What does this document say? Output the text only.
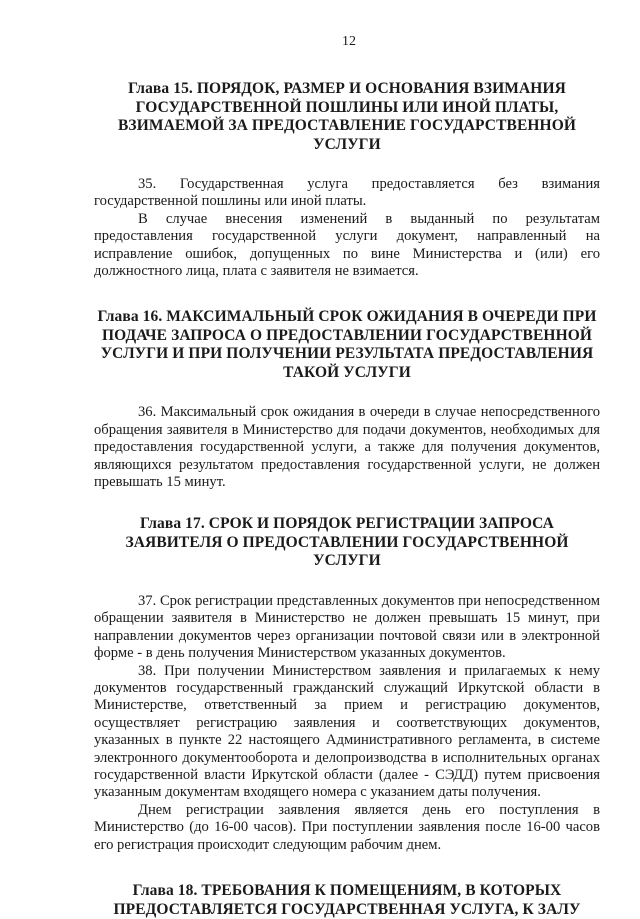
12
Глава 15. ПОРЯДОК, РАЗМЕР И ОСНОВАНИЯ ВЗИМАНИЯ ГОСУДАРСТВЕННОЙ ПОШЛИНЫ ИЛИ ИНОЙ ПЛАТЫ, ВЗИМАЕМОЙ ЗА ПРЕДОСТАВЛЕНИЕ ГОСУДАРСТВЕННОЙ УСЛУГИ

35. Государственная услуга предоставляется без взимания государственной пошлины или иной платы.

В случае внесения изменений в выданный по результатам предоставления государственной услуги документ, направленный на исправление ошибок, допущенных по вине Министерства и (или) его должностного лица, плата с заявителя не взимается.

Глава 16. МАКСИМАЛЬНЫЙ СРОК ОЖИДАНИЯ В ОЧЕРЕДИ ПРИ ПОДАЧЕ ЗАПРОСА О ПРЕДОСТАВЛЕНИИ ГОСУДАРСТВЕННОЙ УСЛУГИ И ПРИ ПОЛУЧЕНИИ РЕЗУЛЬТАТА ПРЕДОСТАВЛЕНИЯ ТАКОЙ УСЛУГИ

36. Максимальный срок ожидания в очереди в случае непосредственного обращения заявителя в Министерство для подачи документов, необходимых для предоставления государственной услуги, а также для получения документов, являющихся результатом предоставления государственной услуги, не должен превышать 15 минут.

Глава 17. СРОК И ПОРЯДОК РЕГИСТРАЦИИ ЗАПРОСА ЗАЯВИТЕЛЯ О ПРЕДОСТАВЛЕНИИ ГОСУДАРСТВЕННОЙ УСЛУГИ

37. Срок регистрации представленных документов при непосредственном обращении заявителя в Министерство не должен превышать 15 минут, при направлении документов через организации почтовой связи или в электронной форме - в день получения Министерством указанных документов.

38. При получении Министерством заявления и прилагаемых к нему документов государственный гражданский служащий Иркутской области в Министерстве, ответственный за прием и регистрацию документов, осуществляет регистрацию заявления и соответствующих документов, указанных в пункте 22 настоящего Административного регламента, в системе электронного документооборота и делопроизводства в исполнительных органах государственной власти Иркутской области (далее - СЭДД) путем присвоения указанным документам входящего номера с указанием даты получения.

Днем регистрации заявления является день его поступления в Министерство (до 16-00 часов). При поступлении заявления после 16-00 часов его регистрация происходит следующим рабочим днем.

Глава 18. ТРЕБОВАНИЯ К ПОМЕЩЕНИЯМ, В КОТОРЫХ ПРЕДОСТАВЛЯЕТСЯ ГОСУДАРСТВЕННАЯ УСЛУГА, К ЗАЛУ
